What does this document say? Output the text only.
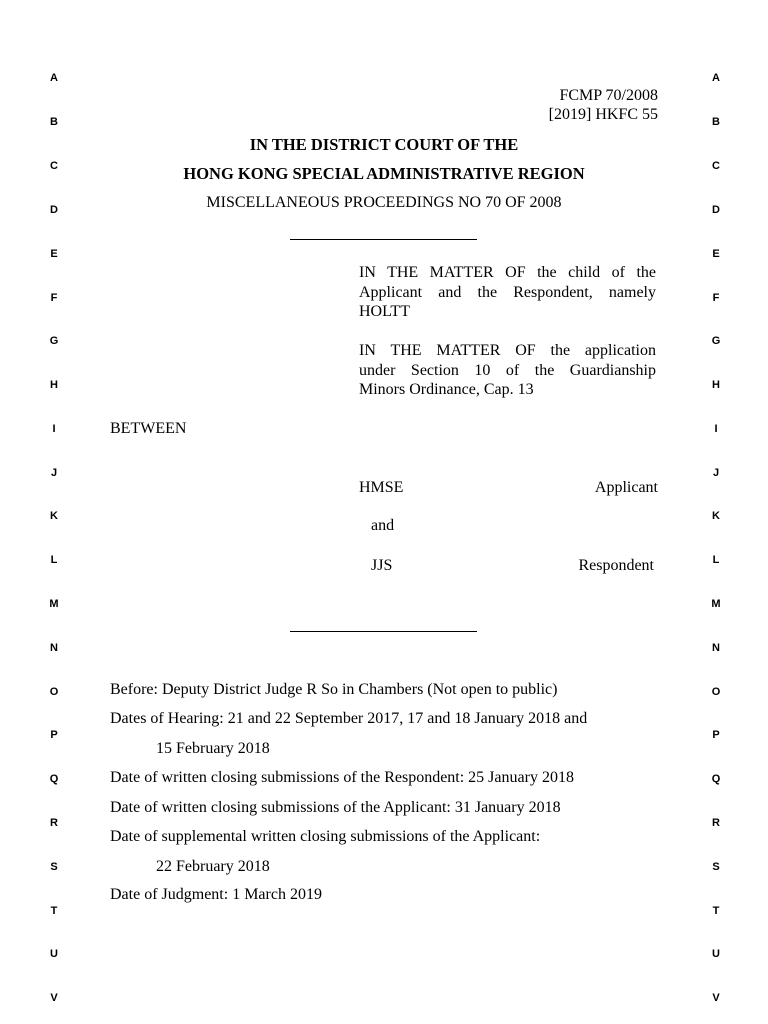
A
B
C
D
E
F
G
H
I
J
K
L
M
N
O
P
Q
R
S
T
U
V
A
B
C
D
E
F
G
H
I
J
K
L
M
N
O
P
Q
R
S
T
U
V
FCMP 70/2008
[2019] HKFC 55
IN THE DISTRICT COURT OF THE
HONG KONG SPECIAL ADMINISTRATIVE REGION
MISCELLANEOUS PROCEEDINGS NO 70 OF 2008
IN THE MATTER OF the child of the
Applicant and the Respondent, namely
HOLTT
IN THE MATTER OF the application
under Section 10 of the Guardianship
Minors Ordinance, Cap. 13
BETWEEN
HMSE	Applicant
and
JJS	Respondent
Before: Deputy District Judge R So in Chambers (Not open to public)
Dates of Hearing: 21 and 22 September 2017, 17 and 18 January 2018 and
15 February 2018
Date of written closing submissions of the Respondent: 25 January 2018
Date of written closing submissions of the Applicant: 31 January 2018
Date of supplemental written closing submissions of the Applicant:
22 February 2018
Date of Judgment: 1 March 2019
